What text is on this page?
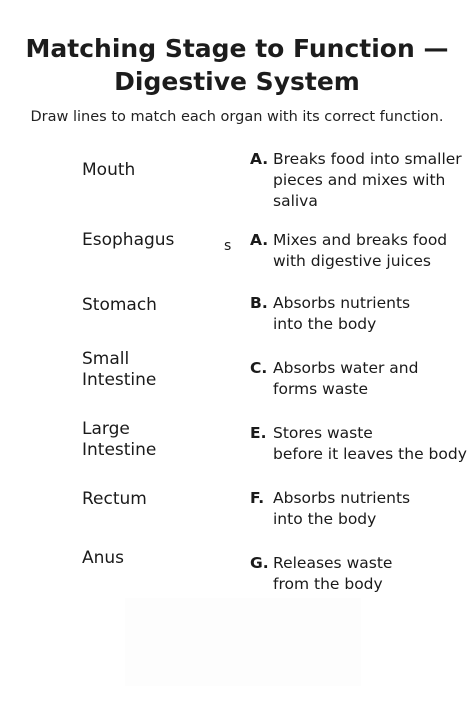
Matching Stage to Function —
Digestive System
Draw lines to match each organ with its correct function.
Mouth
Esophagus	s
Stomach
Small
Intestine
Large
Intestine
Rectum
Anus
A. Breaks food into smaller
pieces and mixes with
saliva
A. Mixes and breaks food
with digestive juices
B. Absorbs nutrients
into the body
C. Absorbs water and
forms waste
E. Stores waste
before it leaves the body
F. Absorbs nutrients
into the body
G. Releases waste
from the body
